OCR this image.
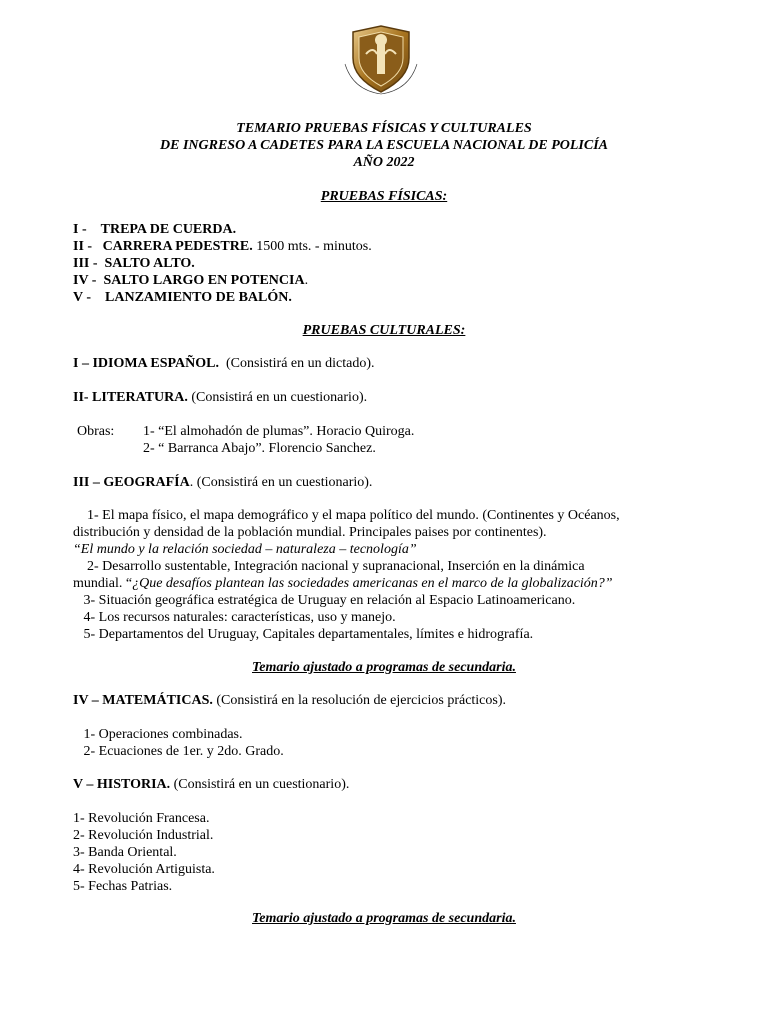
TEMARIO PRUEBAS FÍSICAS Y CULTURALES
DE INGRESO A CADETES PARA LA ESCUELA NACIONAL DE POLICÍA
AÑO 2022
PRUEBAS FÍSICAS:
I - TREPA DE CUERDA.
II - CARRERA PEDESTRE. 1500 mts. - minutos.
III - SALTO ALTO.
IV - SALTO LARGO EN POTENCIA.
V - LANZAMIENTO DE BALÓN.
PRUEBAS CULTURALES:
I – IDIOMA ESPAÑOL.  (Consistirá en un dictado).
II- LITERATURA. (Consistirá en un cuestionario).
Obras: 1- “El almohadón de plumas”. Horacio Quiroga.
2- “ Barranca Abajo”. Florencio Sanchez.
III – GEOGRAFÍA. (Consistirá en un cuestionario).
1- El mapa físico, el mapa demográfico y el mapa político del mundo. (Continentes y Océanos,
distribución y densidad de la población mundial. Principales paises por continentes).
“El mundo y la relación sociedad – naturaleza – tecnología”
2- Desarrollo sustentable, Integración nacional y supranacional, Inserción en la dinámica
mundial. “¿Que desafíos plantean las sociedades americanas en el marco de la globalización?”
3- Situación geográfica estratégica de Uruguay en relación al Espacio Latinoamericano.
4- Los recursos naturales: características, uso y manejo.
5- Departamentos del Uruguay, Capitales departamentales, límites e hidrografía.
Temario ajustado a programas de secundaria.
IV – MATEMÁTICAS. (Consistirá en la resolución de ejercicios prácticos).
1- Operaciones combinadas.
2- Ecuaciones de 1er. y 2do. Grado.
V – HISTORIA. (Consistirá en un cuestionario).
1- Revolución Francesa.
2- Revolución Industrial.
3- Banda Oriental.
4- Revolución Artiguista.
5- Fechas Patrias.
Temario ajustado a programas de secundaria.
